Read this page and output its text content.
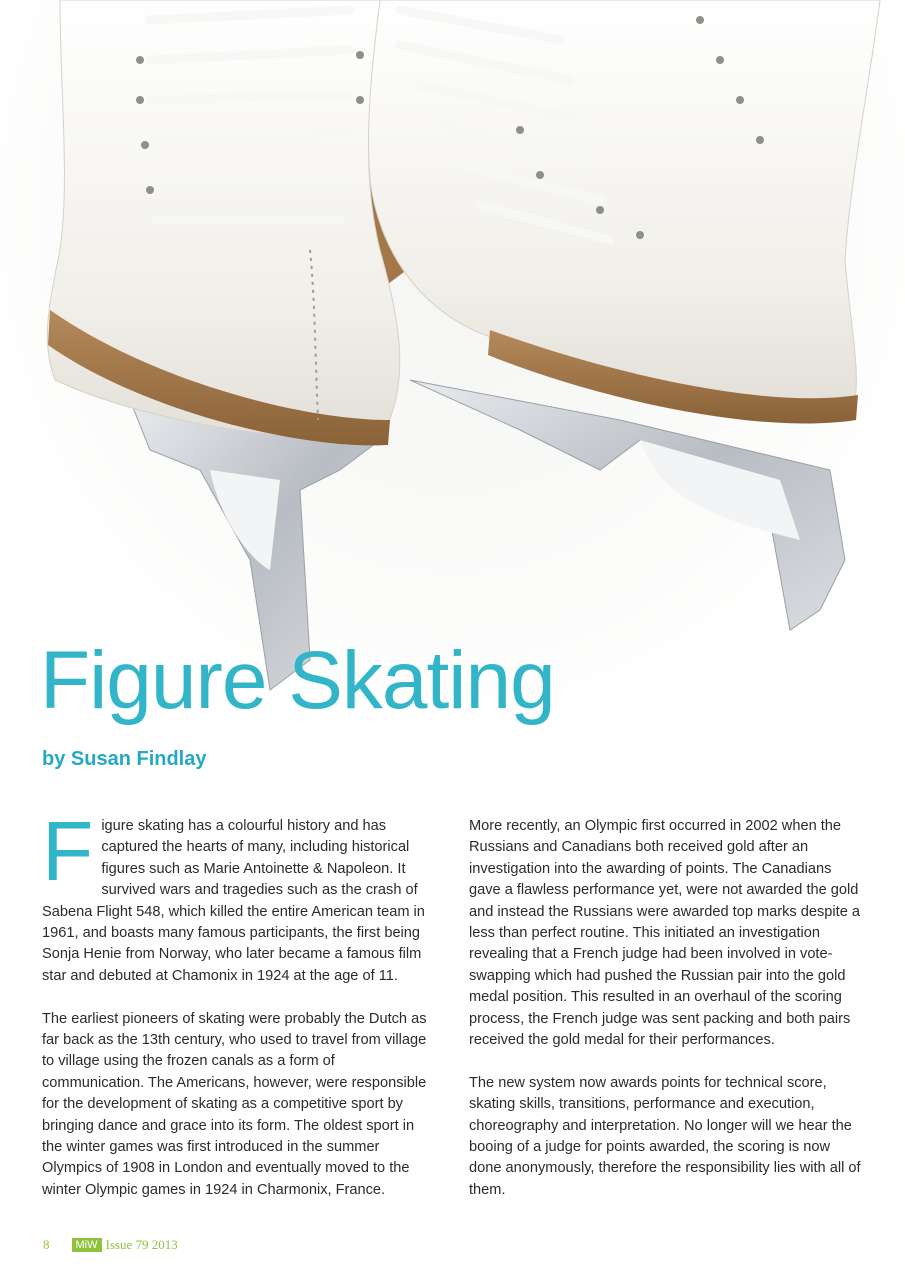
Figure Skating
by Susan Findlay

Figure skating has a colourful history and has captured the hearts of many, including historical figures such as Marie Antoinette & Napoleon. It survived wars and tragedies such as the crash of Sabena Flight 548, which killed the entire American team in 1961, and boasts many famous participants, the first being Sonja Henie from Norway, who later became a famous film star and debuted at Chamonix in 1924 at the age of 11.

The earliest pioneers of skating were probably the Dutch as far back as the 13th century, who used to travel from village to village using the frozen canals as a form of communication. The Americans, however, were responsible for the development of skating as a competitive sport by bringing dance and grace into its form. The oldest sport in the winter games was first introduced in the summer Olympics of 1908 in London and eventually moved to the winter Olympic games in 1924 in Charmonix, France.

More recently, an Olympic first occurred in 2002 when the Russians and Canadians both received gold after an investigation into the awarding of points. The Canadians gave a flawless performance yet, were not awarded the gold and instead the Russians were awarded top marks despite a less than perfect routine. This initiated an investigation revealing that a French judge had been involved in vote-swapping which had pushed the Russian pair into the gold medal position. This resulted in an overhaul of the scoring process, the French judge was sent packing and both pairs received the gold medal for their performances.

The new system now awards points for technical score, skating skills, transitions, performance and execution, choreography and interpretation. No longer will we hear the booing of a judge for points awarded, the scoring is now done anonymously, therefore the responsibility lies with all of them.

8	MiW Issue 79 2013
